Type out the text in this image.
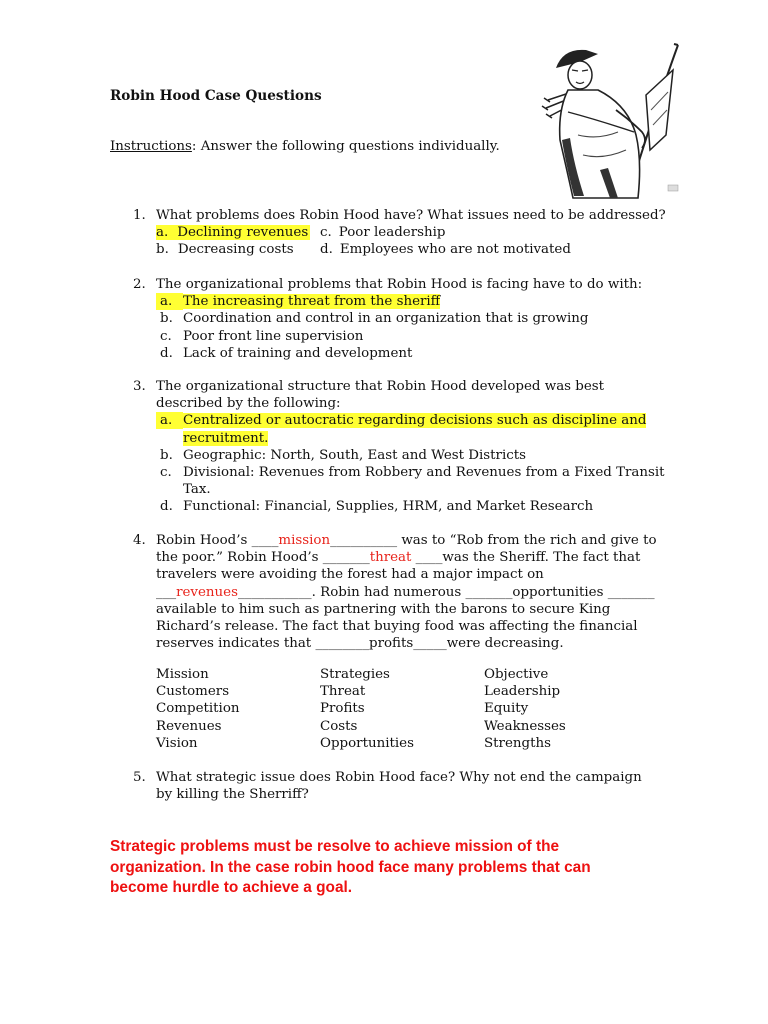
Robin Hood Case Questions
Instructions: Answer the following questions individually.
1. What problems does Robin Hood have? What issues need to be addressed?
a. Declining revenues
b. Decreasing costs
c. Poor leadership
d. Employees who are not motivated
2. The organizational problems that Robin Hood is facing have to do with:
a. The increasing threat from the sheriff
b. Coordination and control in an organization that is growing
c. Poor front line supervision
d. Lack of training and development
3. The organizational structure that Robin Hood developed was best described by the following:
a. Centralized or autocratic regarding decisions such as discipline and recruitment.
b. Geographic: North, South, East and West Districts
c. Divisional: Revenues from Robbery and Revenues from a Fixed Transit Tax.
d. Functional: Financial, Supplies, HRM, and Market Research
4. Robin Hood’s ____mission__________ was to “Rob from the rich and give to the poor.” Robin Hood’s _______threat ____was the Sheriff. The fact that travelers were avoiding the forest had a major impact on ___revenues___________. Robin had numerous _______opportunities _______ available to him such as partnering with the barons to secure King Richard’s release. The fact that buying food was affecting the financial reserves indicates that ________profits_____were decreasing.
Mission
Customers
Competition
Revenues
Vision
Strategies
Threat
Profits
Costs
Opportunities
Objective
Leadership
Equity
Weaknesses
Strengths
5. What strategic issue does Robin Hood face? Why not end the campaign by killing the Sherriff?
Strategic problems must be resolve to achieve mission of the organization. In the case robin hood face many problems that can become hurdle to achieve a goal.
